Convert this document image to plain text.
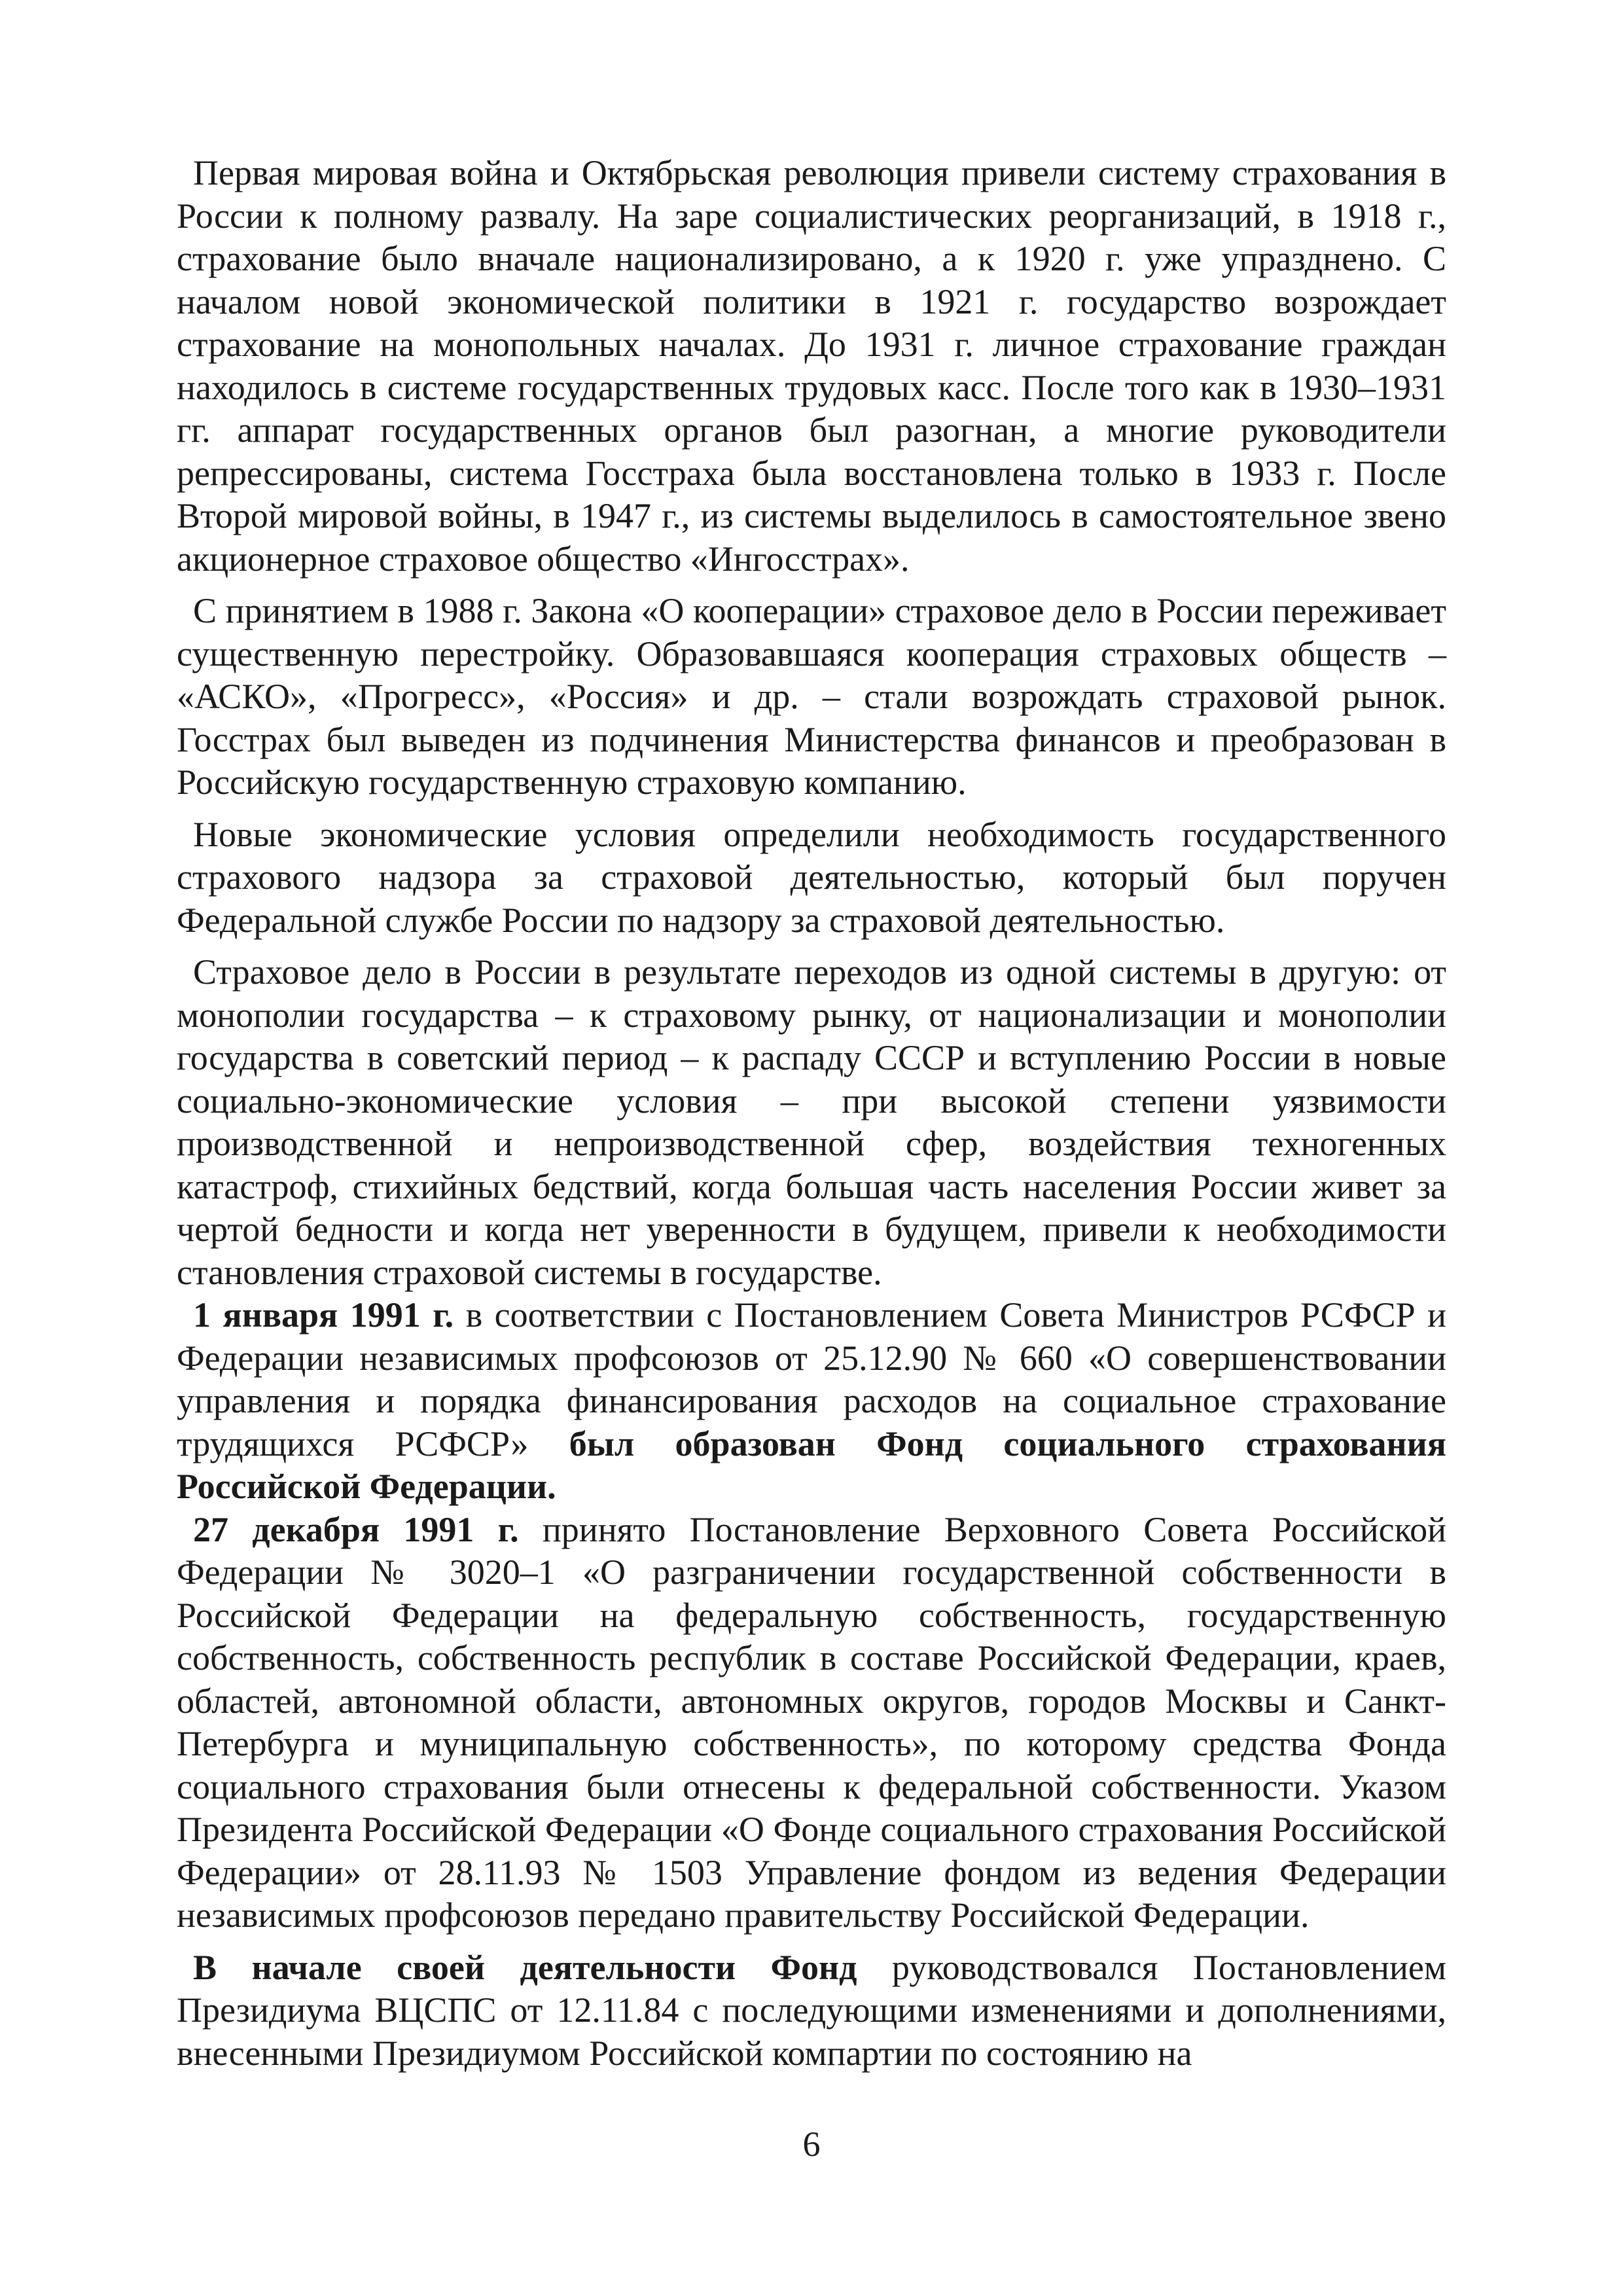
Первая мировая война и Октябрьская революция привели систему страхования в России к полному развалу. На заре социалистических реорганизаций, в 1918 г., страхование было вначале национализировано, а к 1920 г. уже упразднено. С началом новой экономической политики в 1921 г. государство возрождает страхование на монопольных началах. До 1931 г. личное страхование граждан находилось в системе государственных трудовых касс. После того как в 1930–1931 гг. аппарат государственных органов был разогнан, а многие руководители репрессированы, система Госстраха была восстановлена только в 1933 г. После Второй мировой войны, в 1947 г., из системы выделилось в самостоятельное звено акционерное страховое общество «Ингосстрах».

С принятием в 1988 г. Закона «О кооперации» страховое дело в России переживает существенную перестройку. Образовавшаяся кооперация страховых обществ – «АСКО», «Прогресс», «Россия» и др. – стали возрождать страховой рынок. Госстрах был выведен из подчинения Министерства финансов и преобразован в Российскую государственную страховую компанию.

Новые экономические условия определили необходимость государственного страхового надзора за страховой деятельностью, который был поручен Федеральной службе России по надзору за страховой деятельностью.

Страховое дело в России в результате переходов из одной системы в другую: от монополии государства – к страховому рынку, от национализации и монополии государства в советский период – к распаду СССР и вступлению России в новые социально-экономические условия – при высокой степени уязвимости производственной и непроизводственной сфер, воздействия техногенных катастроф, стихийных бедствий, когда большая часть населения России живет за чертой бедности и когда нет уверенности в будущем, привели к необходимости становления страховой системы в государстве.

1 января 1991 г. в соответствии с Постановлением Совета Министров РСФСР и Федерации независимых профсоюзов от 25.12.90 № 660 «О совершенствовании управления и порядка финансирования расходов на социальное страхование трудящихся РСФСР» был образован Фонд социального страхования Российской Федерации.

27 декабря 1991 г. принято Постановление Верховного Совета Российской Федерации № 3020–1 «О разграничении государственной собственности в Российской Федерации на федеральную собственность, государственную собственность, собственность республик в составе Российской Федерации, краев, областей, автономной области, автономных округов, городов Москвы и Санкт-Петербурга и муниципальную собственность», по которому средства Фонда социального страхования были отнесены к федеральной собственности. Указом Президента Российской Федерации «О Фонде социального страхования Российской Федерации» от 28.11.93 № 1503 Управление фондом из ведения Федерации независимых профсоюзов передано правительству Российской Федерации.

В начале своей деятельности Фонд руководствовался Постановлением Президиума ВЦСПС от 12.11.84 с последующими изменениями и дополнениями, внесенными Президиумом Российской компартии по состоянию на

6
